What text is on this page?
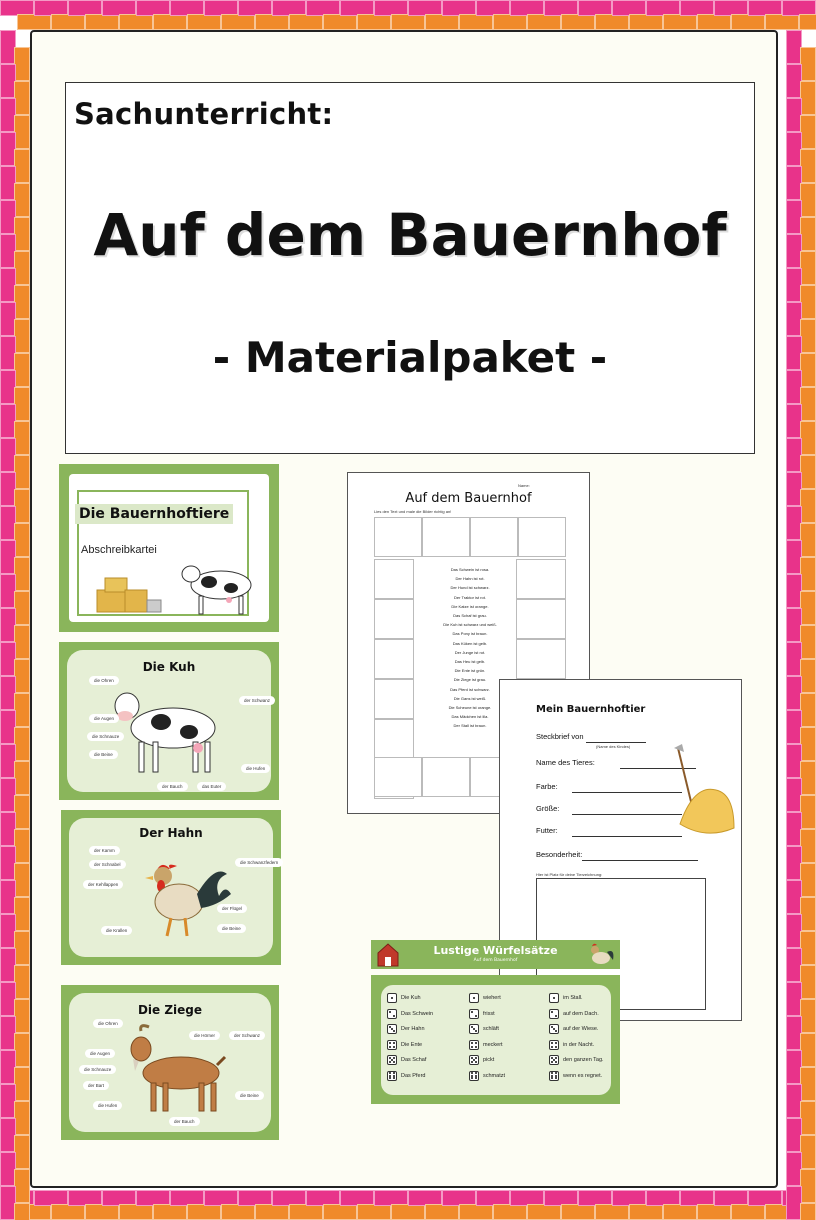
Sachunterricht:
Auf dem Bauernhof
- Materialpaket -
Die Bauernhoftiere
Abschreibkartei
Die Kuh
die Ohren
die Augen
die Schnauze
die Beine
der Bauch	das Euter
der Schwanz
die Hufen
Der Hahn
der Kamm
der Schnabel
der Kehllappen
die Krallen
die Schwanzfedern
der Flügel
die Beine
Die Ziege
die Ohren
die Augen
die Schnauze
der Bart
die Hufen
die Hörner	der Schwanz
die Beine
der Bauch
Name:
Auf dem Bauernhof
Lies den Text und male die Bilder richtig an!
Das Schwein ist rosa.
Der Hahn ist rot.
Der Hund ist schwarz.
Der Traktor ist rot.
Die Katze ist orange.
Das Schaf ist grau.
Die Kuh ist schwarz und weiß.
Das Pony ist braun.
Das Küken ist gelb.
Der Junge ist rot.
Das Heu ist gelb.
Die Ente ist grün.
Die Ziege ist grau.
Das Pferd ist schwarz.
Die Gans ist weiß.
Die Scheune ist orange.
Das Mädchen ist lila.
Der Stall ist braun.
Mein Bauernhoftier
Steckbrief von
(Name des Kindes)
Name des Tieres:
Farbe:
Größe:
Futter:
Besonderheit:
Hier ist Platz für deine Tierzeichnung:
Lustige Würfelsätze
Auf dem Bauernhof
Die Kuh
Das Schwein
Der Hahn
Die Ente
Das Schaf
Das Pferd
wiehert
frisst
schläft
meckert
pickt
schmatzt
im Stall.
auf dem Dach.
auf der Wiese.
in der Nacht.
den ganzen Tag.
wenn es regnet.
